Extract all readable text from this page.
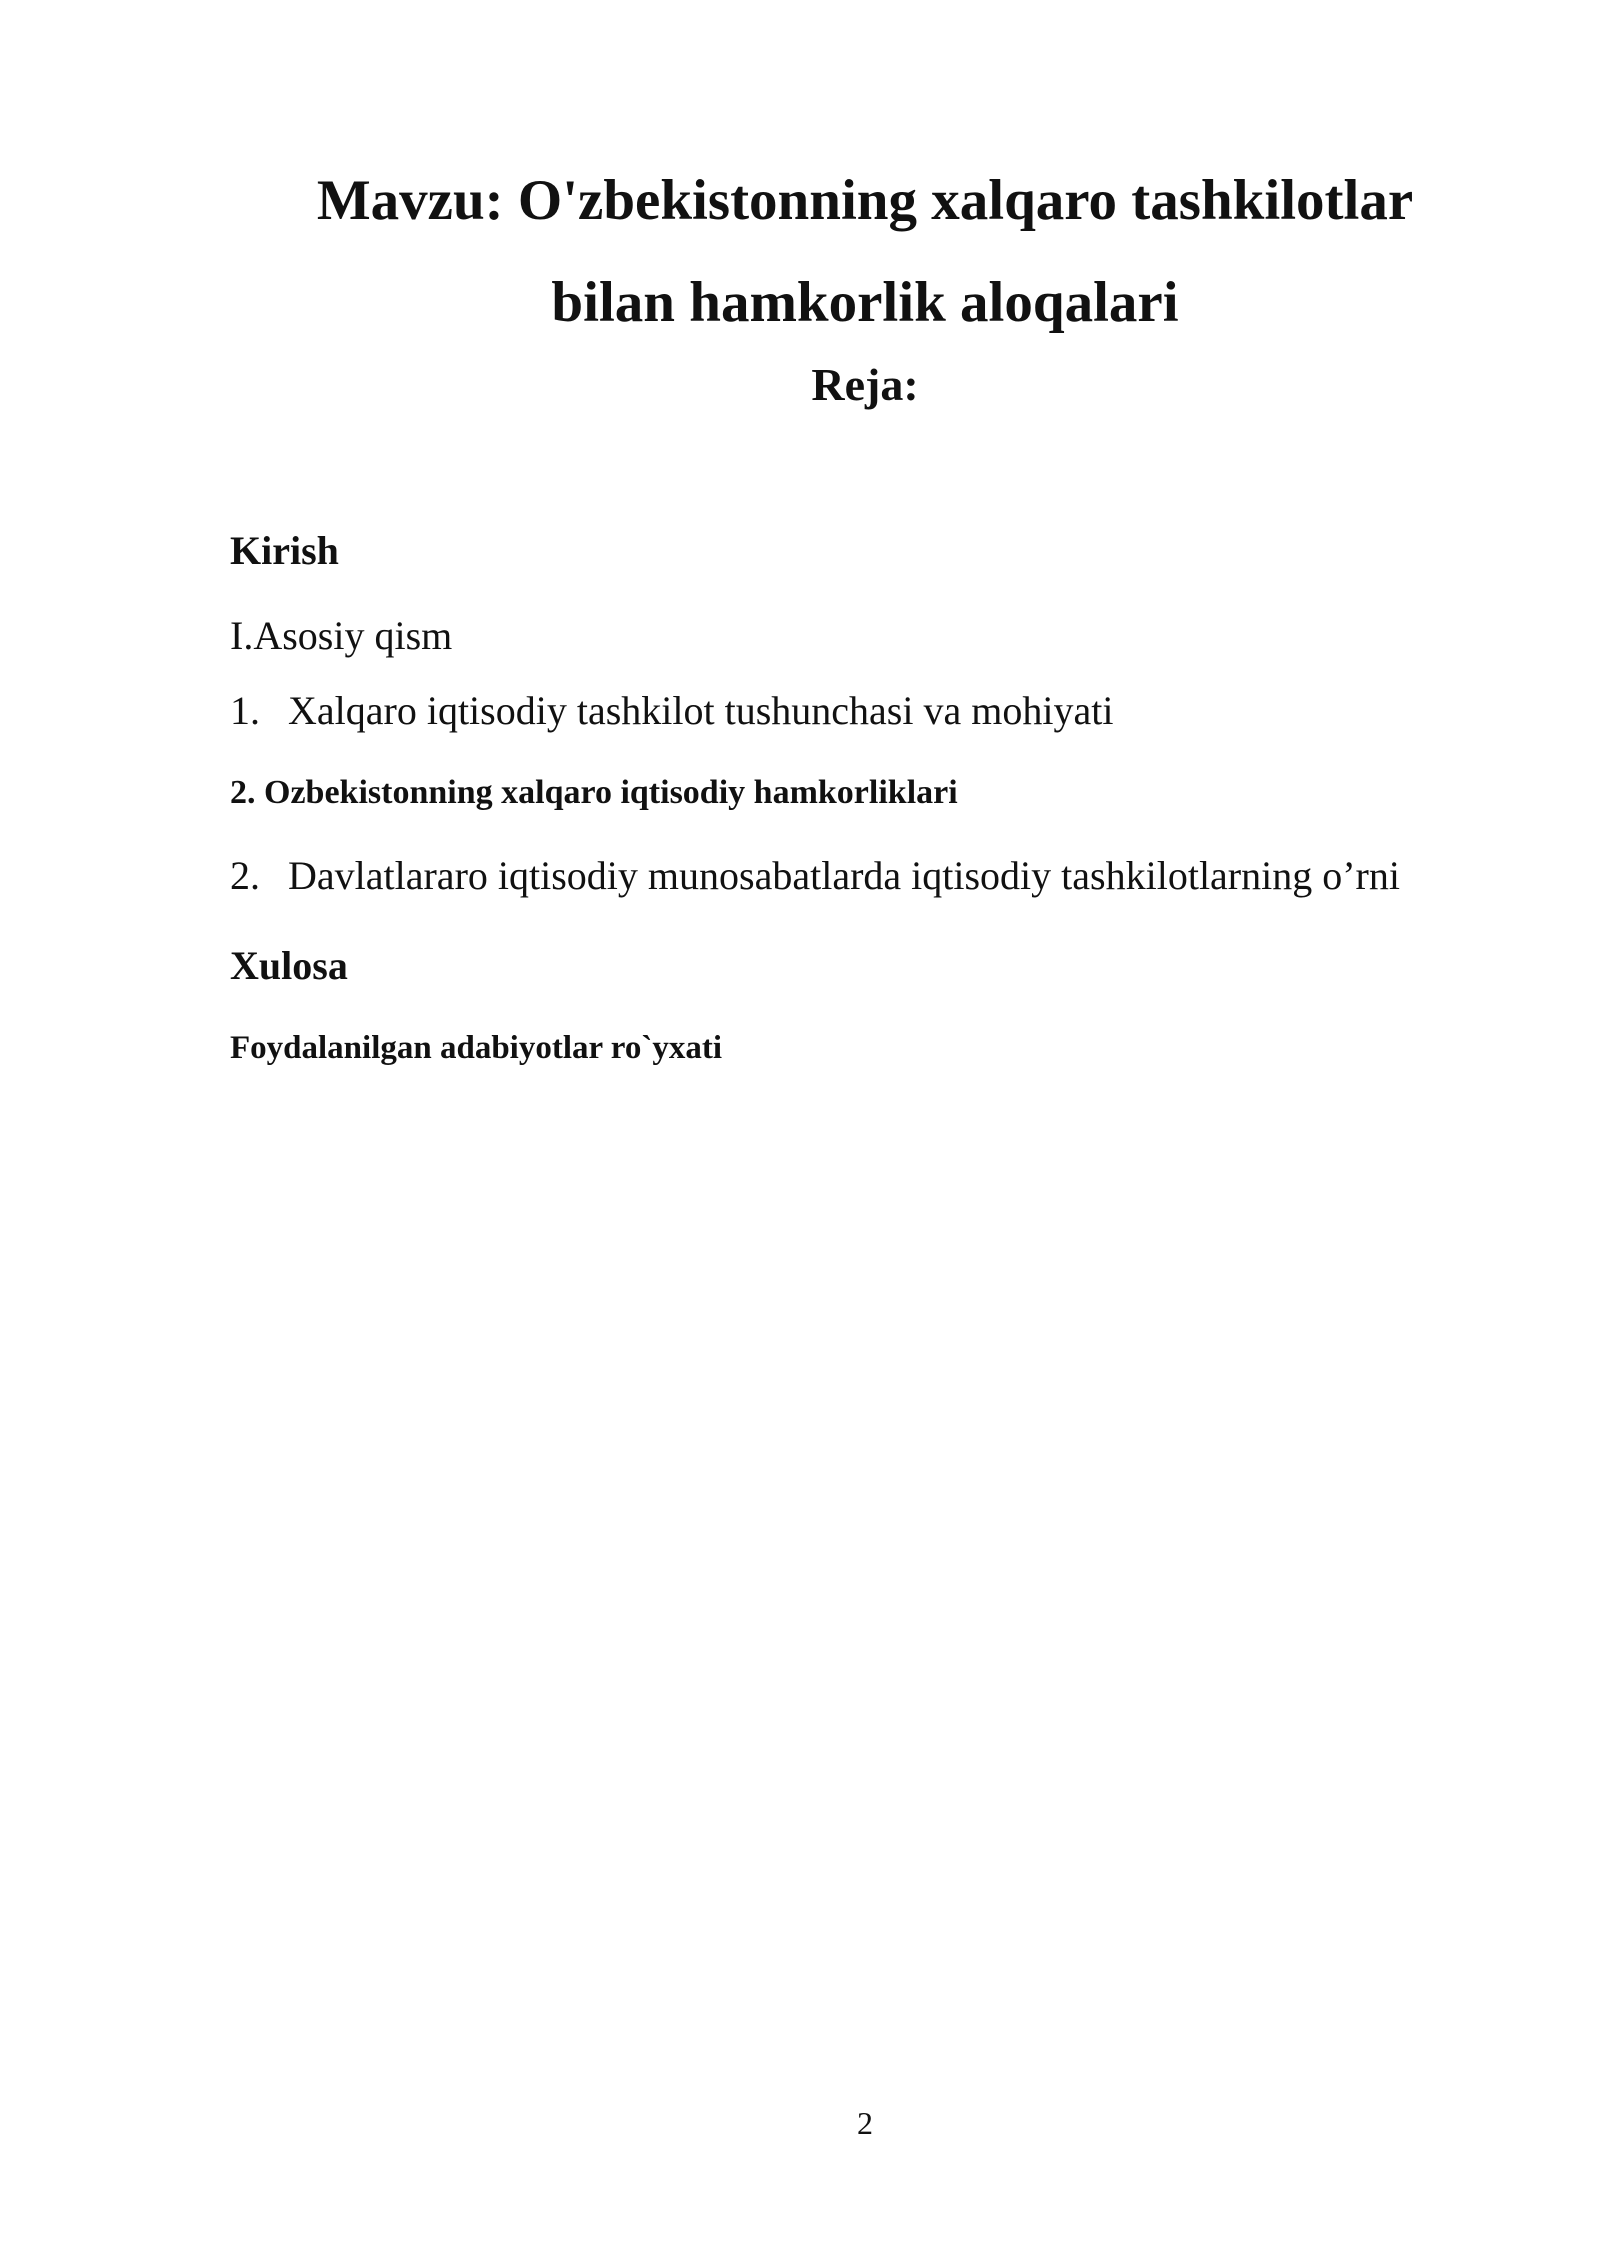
Mavzu: O'zbekistonning xalqaro tashkilotlar
bilan hamkorlik aloqalari
Reja:
Kirish
I.Asosiy qism
1. Xalqaro iqtisodiy tashkilot tushunchasi va mohiyati
2. Ozbekistonning xalqaro iqtisodiy hamkorliklari
2. Davlatlararo iqtisodiy munosabatlarda iqtisodiy tashkilotlarning o’rni
Xulosa
Foydalanilgan adabiyotlar ro`yxati
2
